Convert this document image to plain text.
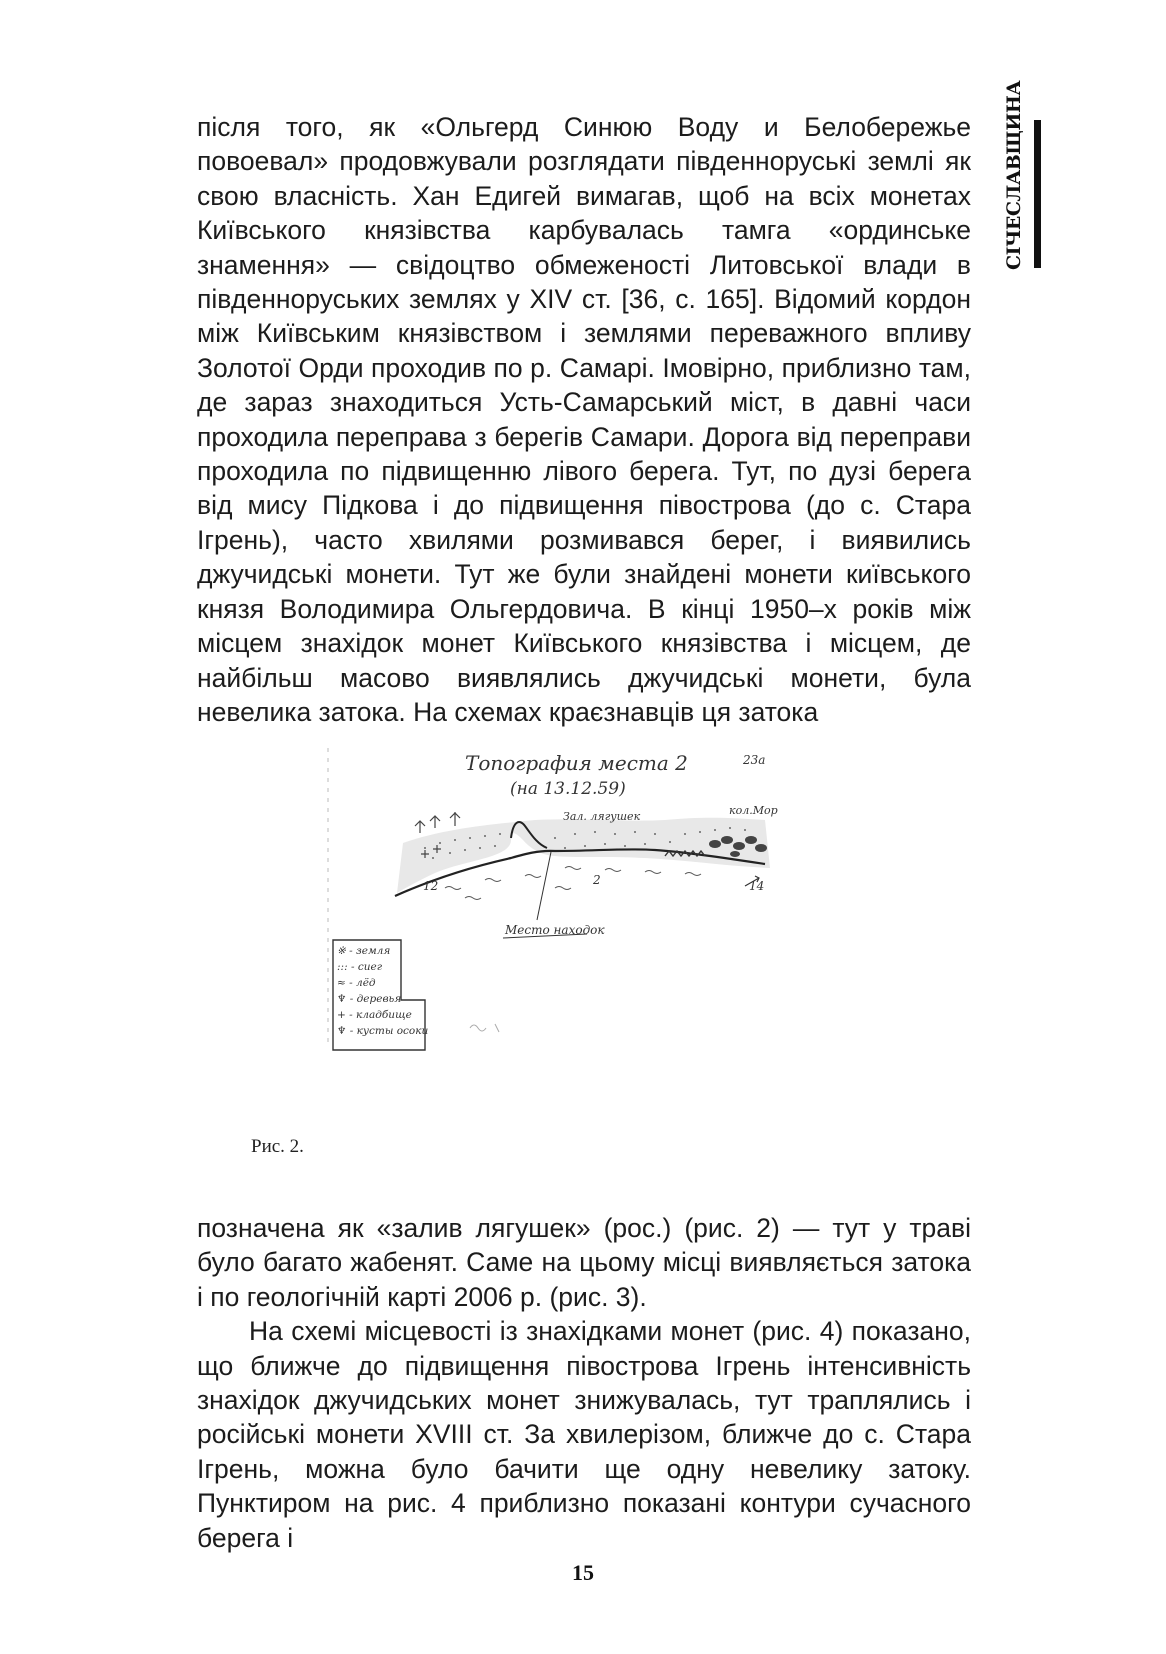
СІЧЕСЛАВЩИНА

після того, як «Ольгерд Синюю Воду и Белобережье повоевал» продовжували розглядати південноруські землі як свою власність. Хан Едигей вимагав, щоб на всіх монетах Київського князівства карбувалась тамга «ординське знамення» — свідоцтво обмеженості Литовської влади в південноруських землях у XIV ст. [36, с. 165]. Відомий кордон між Київським князівством і землями переважного впливу Золотої Орди проходив по р. Самарі. Імовірно, приблизно там, де зараз знаходиться Усть-Самарський міст, в давні часи проходила переправа з берегів Самари. Дорога від переправи проходила по підвищенню лівого берега. Тут, по дузі берега від мису Підкова і до підвищення півострова (до с. Стара Ігрень), часто хвилями розмивався берег, і виявились джучидські монети. Тут же були знайдені монети київського князя Володимира Ольгердовича. В кінці 1950–х років між місцем знахідок монет Київського князівства і місцем, де найбільш масово виявлялись джучидські монети, була невелика затока. На схемах краєзнавців ця затока

Топография места 2
(на 13.12.59)
23а
Зал. лягушек	кол.Мор
Место находок
12	2	14
※ - земля
::: - сиег
≈ - лёд
♆ - деревья
+ - кладбище
♆ - кусты осоки
Рис. 2.

позначена як «залив лягушек» (рос.) (рис. 2) — тут у траві було багато жабенят. Саме на цьому місці виявляється затока і по геологічній карті 2006 р. (рис. 3).

На схемі місцевості із знахідками монет (рис. 4) показано, що ближче до підвищення півострова Ігрень інтенсивність знахідок джучидських монет знижувалась, тут траплялись і російські монети XVIII ст. За хвилерізом, ближче до с. Стара Ігрень, можна було бачити ще одну невелику затоку. Пунктиром на рис. 4 приблизно показані контури сучасного берега і

15
